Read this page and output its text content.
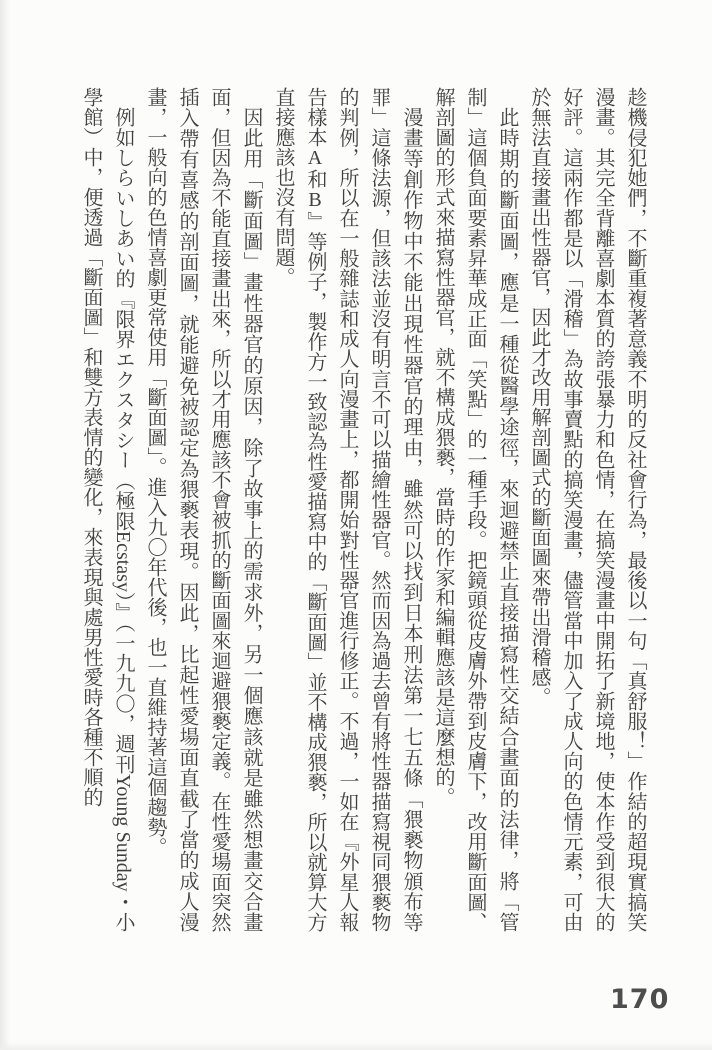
趁機侵犯她們，不斷重複著意義不明的反社會行為，最後以一句「真舒服！」作結的超現實搞笑漫畫。其完全背離喜劇本質的誇張暴力和色情，在搞笑漫畫中開拓了新境地，使本作受到很大的好評。這兩作都是以「滑稽」為故事賣點的搞笑漫畫，儘管當中加入了成人向的色情元素，可由於無法直接畫出性器官，因此才改用解剖圖式的斷面圖來帶出滑稽感。

此時期的斷面圖，應是一種從醫學途徑，來迴避禁止直接描寫性交結合畫面的法律，將「管制」這個負面要素昇華成正面「笑點」的一種手段。把鏡頭從皮膚外帶到皮膚下，改用斷面圖、解剖圖的形式來描寫性器官，就不構成猥褻，當時的作家和編輯應該是這麼想的。

漫畫等創作物中不能出現性器官的理由，雖然可以找到日本刑法第一七五條「猥褻物頒布等罪」這條法源，但該法並沒有明言不可以描繪性器官。然而因為過去曾有將性器描寫視同猥褻物的判例，所以在一般雜誌和成人向漫畫上，都開始對性器官進行修正。不過，一如在『外星人報告樣本A和B』等例子，製作方一致認為性愛描寫中的「斷面圖」並不構成猥褻，所以就算大方直接應該也沒有問題。

因此用「斷面圖」畫性器官的原因，除了故事上的需求外，另一個應該就是雖然想畫交合畫面，但因為不能直接畫出來，所以才用應該不會被抓的斷面圖來迴避猥褻定義。在性愛場面突然插入帶有喜感的剖面圖，就能避免被認定為猥褻表現。因此，比起性愛場面直截了當的成人漫畫，一般向的色情喜劇更常使用「斷面圖」。進入九〇年代後，也一直維持著這個趨勢。

例如しらいしあい的『限界エクスタシー（極限Ecstasy）』（一九九〇，週刊Young Sunday・小學館）中，便透過「斷面圖」和雙方表情的變化，來表現與處男性愛時各種不順的

170
